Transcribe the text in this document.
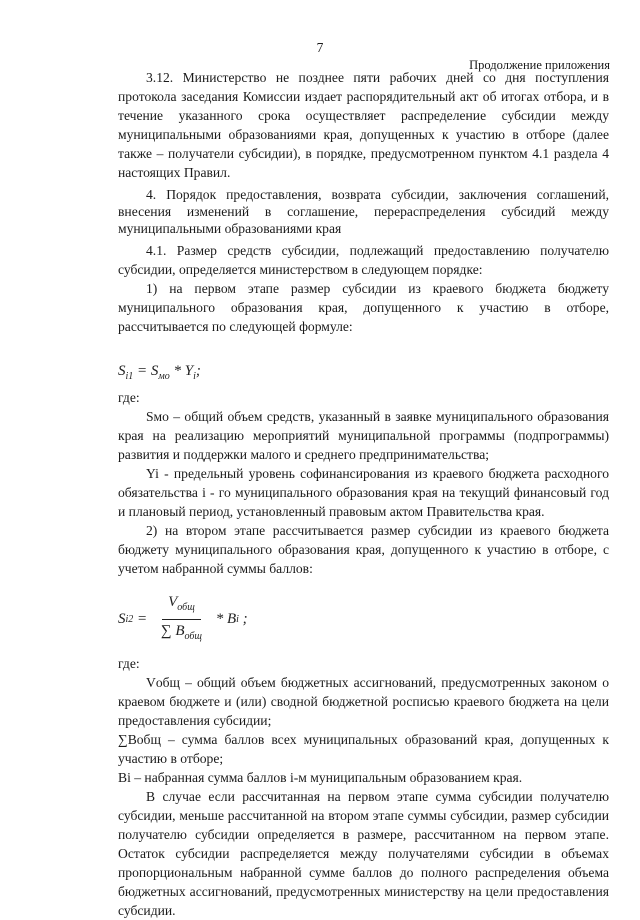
7
Продолжение приложения

3.12. Министерство не позднее пяти рабочих дней со дня поступления протокола заседания Комиссии издает распорядительный акт об итогах отбора, и в течение указанного срока осуществляет распределение субсидии между муниципальными образованиями края, допущенных к участию в отборе (далее также – получатели субсидии), в порядке, предусмотренном пунктом 4.1 раздела 4 настоящих Правил.

4. Порядок предоставления, возврата субсидии, заключения соглашений, внесения изменений в соглашение, перераспределения субсидий между муниципальными образованиями края

4.1. Размер средств субсидии, подлежащий предоставлению получателю субсидии, определяется министерством в следующем порядке:

1) на первом этапе размер субсидии из краевого бюджета бюджету муниципального образования края, допущенного к участию в отборе, рассчитывается по следующей формуле:

$S_{i1} = S_{мо} * Y_i$;

где:

Sмо – общий объем средств, указанный в заявке муниципального образования края на реализацию мероприятий муниципальной программы (подпрограммы) развития и поддержки малого и среднего предпринимательства;

Yi - предельный уровень софинансирования из краевого бюджета расходного обязательства i - го муниципального образования края на текущий финансовый год и плановый период, установленный правовым актом Правительства края.

2) на втором этапе рассчитывается размер субсидии из краевого бюджета бюджету муниципального образования края, допущенного к участию в отборе, с учетом набранной суммы баллов:

S $i2 = \frac{V_{общ}}{\sum B_{общ}} * B$ i ;

где:

Vобщ – общий объем бюджетных ассигнований, предусмотренных законом о краевом бюджете и (или) сводной бюджетной росписью краевого бюджета на цели предоставления субсидии;

∑Bобщ – сумма баллов всех муниципальных образований края, допущенных к участию в отборе;

Bi – набранная сумма баллов i-м муниципальным образованием края.

В случае если рассчитанная на первом этапе сумма субсидии получателю субсидии, меньше рассчитанной на втором этапе суммы субсидии, размер субсидии получателю субсидии определяется в размере, рассчитанном на первом этапе. Остаток субсидии распределяется между получателями субсидии в объемах пропорциональным набранной сумме баллов до полного распределения объема бюджетных ассигнований, предусмотренных министерству на цели предоставления субсидии.
